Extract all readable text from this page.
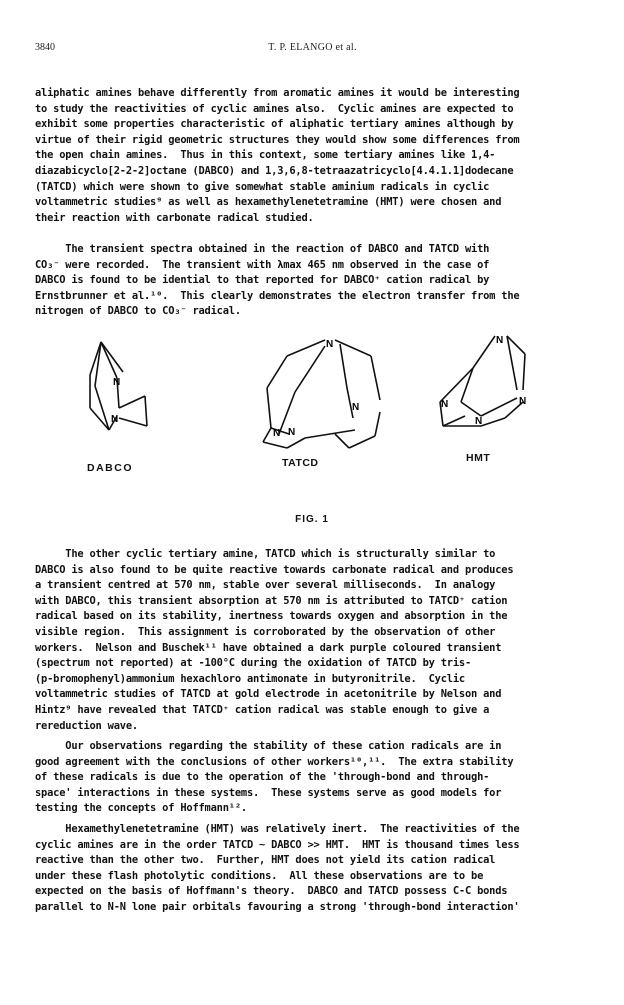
3840	T. P. ELANGO et al.
aliphatic amines behave differently from aromatic amines it would be interesting
to study the reactivities of cyclic amines also.  Cyclic amines are expected to
exhibit some properties characteristic of aliphatic tertiary amines although by
virtue of their rigid geometric structures they would show some differences from
the open chain amines.  Thus in this context, some tertiary amines like 1,4-
diazabicyclo[2-2-2]octane (DABCO) and 1,3,6,8-tetraazatricyclo[4.4.1.1]dodecane
(TATCD) which were shown to give somewhat stable aminium radicals in cyclic
voltammetric studies⁹ as well as hexamethylenetetramine (HMT) were chosen and
their reaction with carbonate radical studied.
The transient spectra obtained in the reaction of DABCO and TATCD with
CO₃⁻ were recorded.  The transient with λmax 465 nm observed in the case of
DABCO is found to be idential to that reported for DABCO⁺ cation radical by
Ernstbrunner et al.¹⁰.  This clearly demonstrates the electron transfer from the
nitrogen of DABCO to CO₃⁻ radical.
N
N
N
N
N
N
N
N	N
N
DABCO	TATCD	HMT
FIG. 1
The other cyclic tertiary amine, TATCD which is structurally similar to
DABCO is also found to be quite reactive towards carbonate radical and produces
a transient centred at 570 nm, stable over several milliseconds.  In analogy
with DABCO, this transient absorption at 570 nm is attributed to TATCD⁺ cation
radical based on its stability, inertness towards oxygen and absorption in the
visible region.  This assignment is corroborated by the observation of other
workers.  Nelson and Buschek¹¹ have obtained a dark purple coloured transient
(spectrum not reported) at -100°C during the oxidation of TATCD by tris-
(p-bromophenyl)ammonium hexachloro antimonate in butyronitrile.  Cyclic
voltammetric studies of TATCD at gold electrode in acetonitrile by Nelson and
Hintz⁹ have revealed that TATCD⁺ cation radical was stable enough to give a
rereduction wave.
Our observations regarding the stability of these cation radicals are in
good agreement with the conclusions of other workers¹⁰,¹¹.  The extra stability
of these radicals is due to the operation of the 'through-bond and through-
space' interactions in these systems.  These systems serve as good models for
testing the concepts of Hoffmann¹².
Hexamethylenetetramine (HMT) was relatively inert.  The reactivities of the
cyclic amines are in the order TATCD ~ DABCO >> HMT.  HMT is thousand times less
reactive than the other two.  Further, HMT does not yield its cation radical
under these flash photolytic conditions.  All these observations are to be
expected on the basis of Hoffmann's theory.  DABCO and TATCD possess C-C bonds
parallel to N-N lone pair orbitals favouring a strong 'through-bond interaction'
